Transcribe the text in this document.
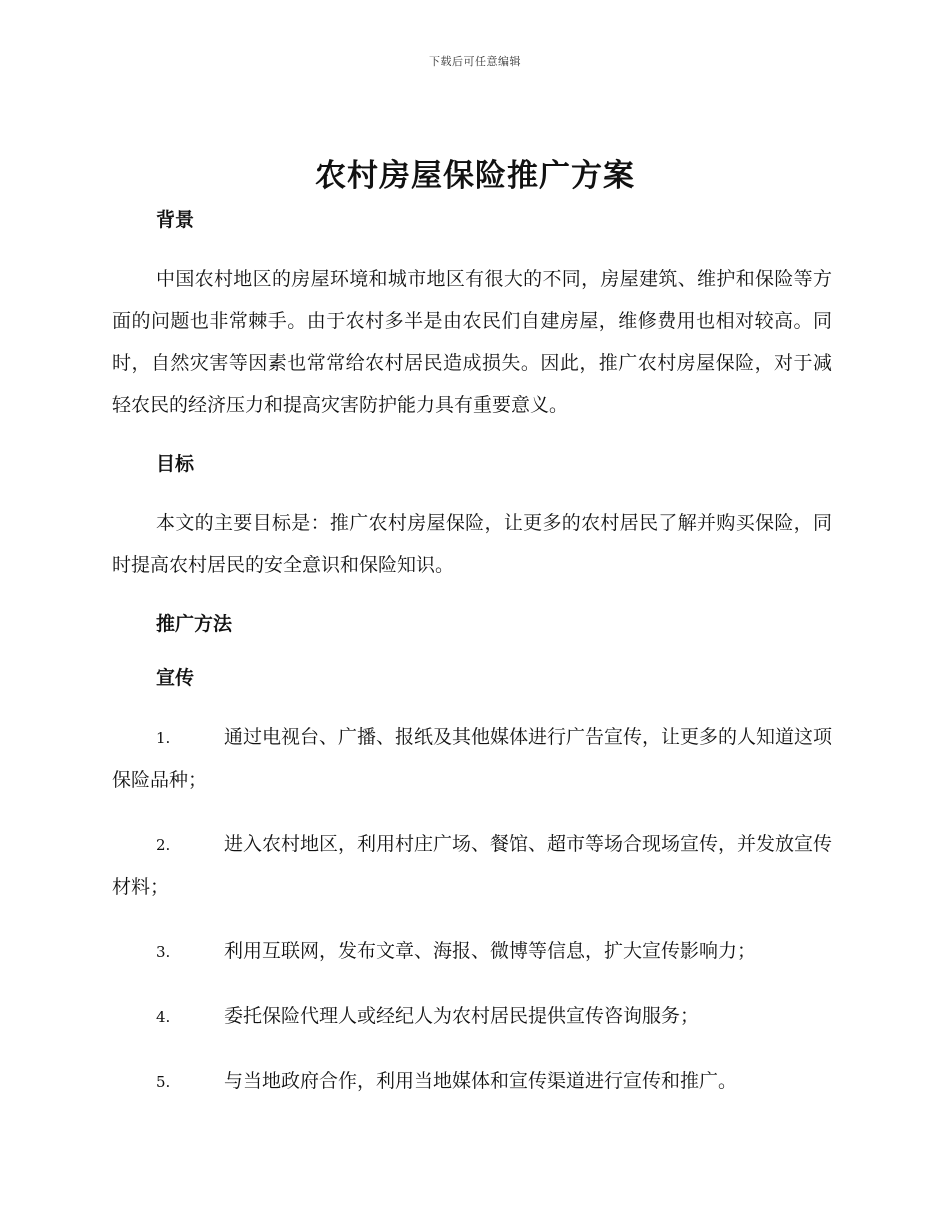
下载后可任意编辑
农村房屋保险推广方案

背景

中国农村地区的房屋环境和城市地区有很大的不同，房屋建筑、维护和保险等方面的问题也非常棘手。由于农村多半是由农民们自建房屋，维修费用也相对较高。同时，自然灾害等因素也常常给农村居民造成损失。因此，推广农村房屋保险，对于减轻农民的经济压力和提高灾害防护能力具有重要意义。

目标

本文的主要目标是：推广农村房屋保险，让更多的农村居民了解并购买保险，同时提高农村居民的安全意识和保险知识。

推广方法

宣传

1.	通过电视台、广播、报纸及其他媒体进行广告宣传，让更多的人知道这项保险品种；

2.	进入农村地区，利用村庄广场、餐馆、超市等场合现场宣传，并发放宣传材料；

3.	利用互联网，发布文章、海报、微博等信息，扩大宣传影响力；

4.	委托保险代理人或经纪人为农村居民提供宣传咨询服务；

5.	与当地政府合作，利用当地媒体和宣传渠道进行宣传和推广。
